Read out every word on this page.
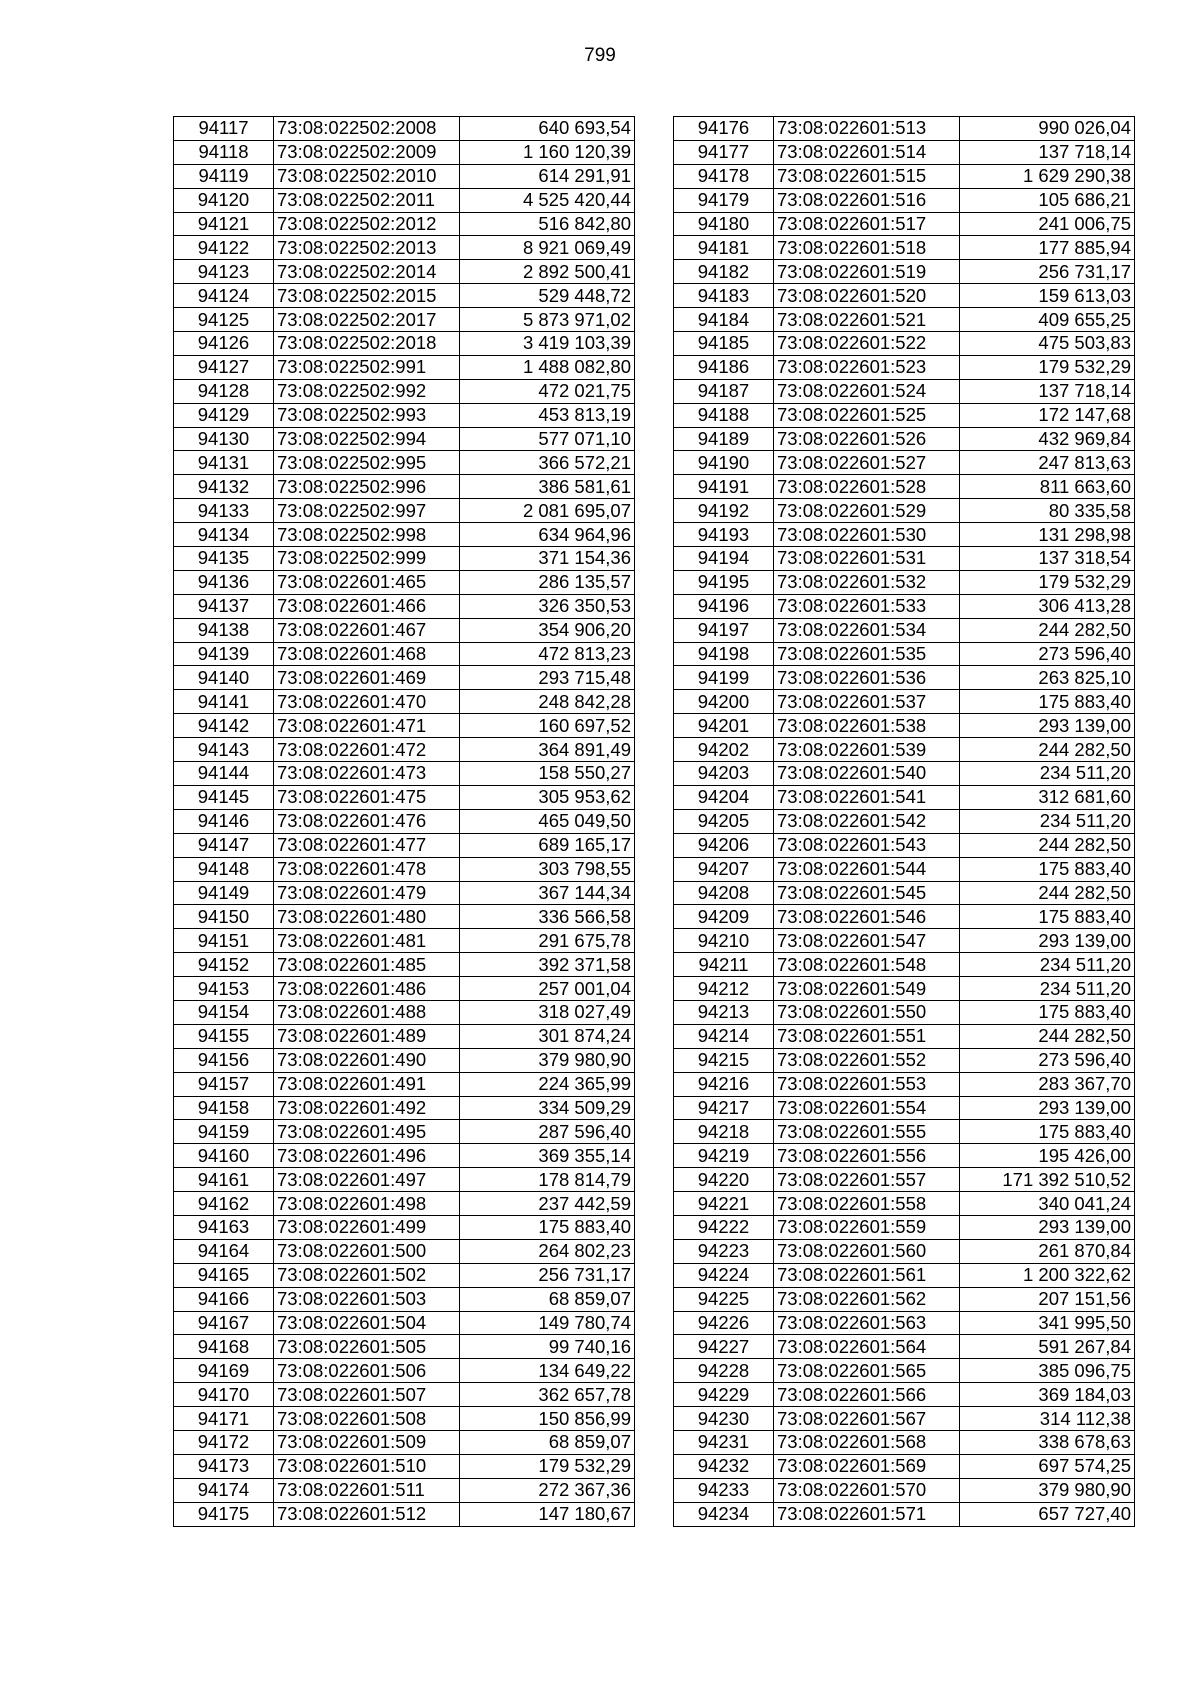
799
94117	73:08:022502:2008	640 693,54
94118	73:08:022502:2009	1 160 120,39
94119	73:08:022502:2010	614 291,91
94120	73:08:022502:2011	4 525 420,44
94121	73:08:022502:2012	516 842,80
94122	73:08:022502:2013	8 921 069,49
94123	73:08:022502:2014	2 892 500,41
94124	73:08:022502:2015	529 448,72
94125	73:08:022502:2017	5 873 971,02
94126	73:08:022502:2018	3 419 103,39
94127	73:08:022502:991	1 488 082,80
94128	73:08:022502:992	472 021,75
94129	73:08:022502:993	453 813,19
94130	73:08:022502:994	577 071,10
94131	73:08:022502:995	366 572,21
94132	73:08:022502:996	386 581,61
94133	73:08:022502:997	2 081 695,07
94134	73:08:022502:998	634 964,96
94135	73:08:022502:999	371 154,36
94136	73:08:022601:465	286 135,57
94137	73:08:022601:466	326 350,53
94138	73:08:022601:467	354 906,20
94139	73:08:022601:468	472 813,23
94140	73:08:022601:469	293 715,48
94141	73:08:022601:470	248 842,28
94142	73:08:022601:471	160 697,52
94143	73:08:022601:472	364 891,49
94144	73:08:022601:473	158 550,27
94145	73:08:022601:475	305 953,62
94146	73:08:022601:476	465 049,50
94147	73:08:022601:477	689 165,17
94148	73:08:022601:478	303 798,55
94149	73:08:022601:479	367 144,34
94150	73:08:022601:480	336 566,58
94151	73:08:022601:481	291 675,78
94152	73:08:022601:485	392 371,58
94153	73:08:022601:486	257 001,04
94154	73:08:022601:488	318 027,49
94155	73:08:022601:489	301 874,24
94156	73:08:022601:490	379 980,90
94157	73:08:022601:491	224 365,99
94158	73:08:022601:492	334 509,29
94159	73:08:022601:495	287 596,40
94160	73:08:022601:496	369 355,14
94161	73:08:022601:497	178 814,79
94162	73:08:022601:498	237 442,59
94163	73:08:022601:499	175 883,40
94164	73:08:022601:500	264 802,23
94165	73:08:022601:502	256 731,17
94166	73:08:022601:503	68 859,07
94167	73:08:022601:504	149 780,74
94168	73:08:022601:505	99 740,16
94169	73:08:022601:506	134 649,22
94170	73:08:022601:507	362 657,78
94171	73:08:022601:508	150 856,99
94172	73:08:022601:509	68 859,07
94173	73:08:022601:510	179 532,29
94174	73:08:022601:511	272 367,36
94175	73:08:022601:512	147 180,67
94176	73:08:022601:513	990 026,04
94177	73:08:022601:514	137 718,14
94178	73:08:022601:515	1 629 290,38
94179	73:08:022601:516	105 686,21
94180	73:08:022601:517	241 006,75
94181	73:08:022601:518	177 885,94
94182	73:08:022601:519	256 731,17
94183	73:08:022601:520	159 613,03
94184	73:08:022601:521	409 655,25
94185	73:08:022601:522	475 503,83
94186	73:08:022601:523	179 532,29
94187	73:08:022601:524	137 718,14
94188	73:08:022601:525	172 147,68
94189	73:08:022601:526	432 969,84
94190	73:08:022601:527	247 813,63
94191	73:08:022601:528	811 663,60
94192	73:08:022601:529	80 335,58
94193	73:08:022601:530	131 298,98
94194	73:08:022601:531	137 318,54
94195	73:08:022601:532	179 532,29
94196	73:08:022601:533	306 413,28
94197	73:08:022601:534	244 282,50
94198	73:08:022601:535	273 596,40
94199	73:08:022601:536	263 825,10
94200	73:08:022601:537	175 883,40
94201	73:08:022601:538	293 139,00
94202	73:08:022601:539	244 282,50
94203	73:08:022601:540	234 511,20
94204	73:08:022601:541	312 681,60
94205	73:08:022601:542	234 511,20
94206	73:08:022601:543	244 282,50
94207	73:08:022601:544	175 883,40
94208	73:08:022601:545	244 282,50
94209	73:08:022601:546	175 883,40
94210	73:08:022601:547	293 139,00
94211	73:08:022601:548	234 511,20
94212	73:08:022601:549	234 511,20
94213	73:08:022601:550	175 883,40
94214	73:08:022601:551	244 282,50
94215	73:08:022601:552	273 596,40
94216	73:08:022601:553	283 367,70
94217	73:08:022601:554	293 139,00
94218	73:08:022601:555	175 883,40
94219	73:08:022601:556	195 426,00
94220	73:08:022601:557	171 392 510,52
94221	73:08:022601:558	340 041,24
94222	73:08:022601:559	293 139,00
94223	73:08:022601:560	261 870,84
94224	73:08:022601:561	1 200 322,62
94225	73:08:022601:562	207 151,56
94226	73:08:022601:563	341 995,50
94227	73:08:022601:564	591 267,84
94228	73:08:022601:565	385 096,75
94229	73:08:022601:566	369 184,03
94230	73:08:022601:567	314 112,38
94231	73:08:022601:568	338 678,63
94232	73:08:022601:569	697 574,25
94233	73:08:022601:570	379 980,90
94234	73:08:022601:571	657 727,40
